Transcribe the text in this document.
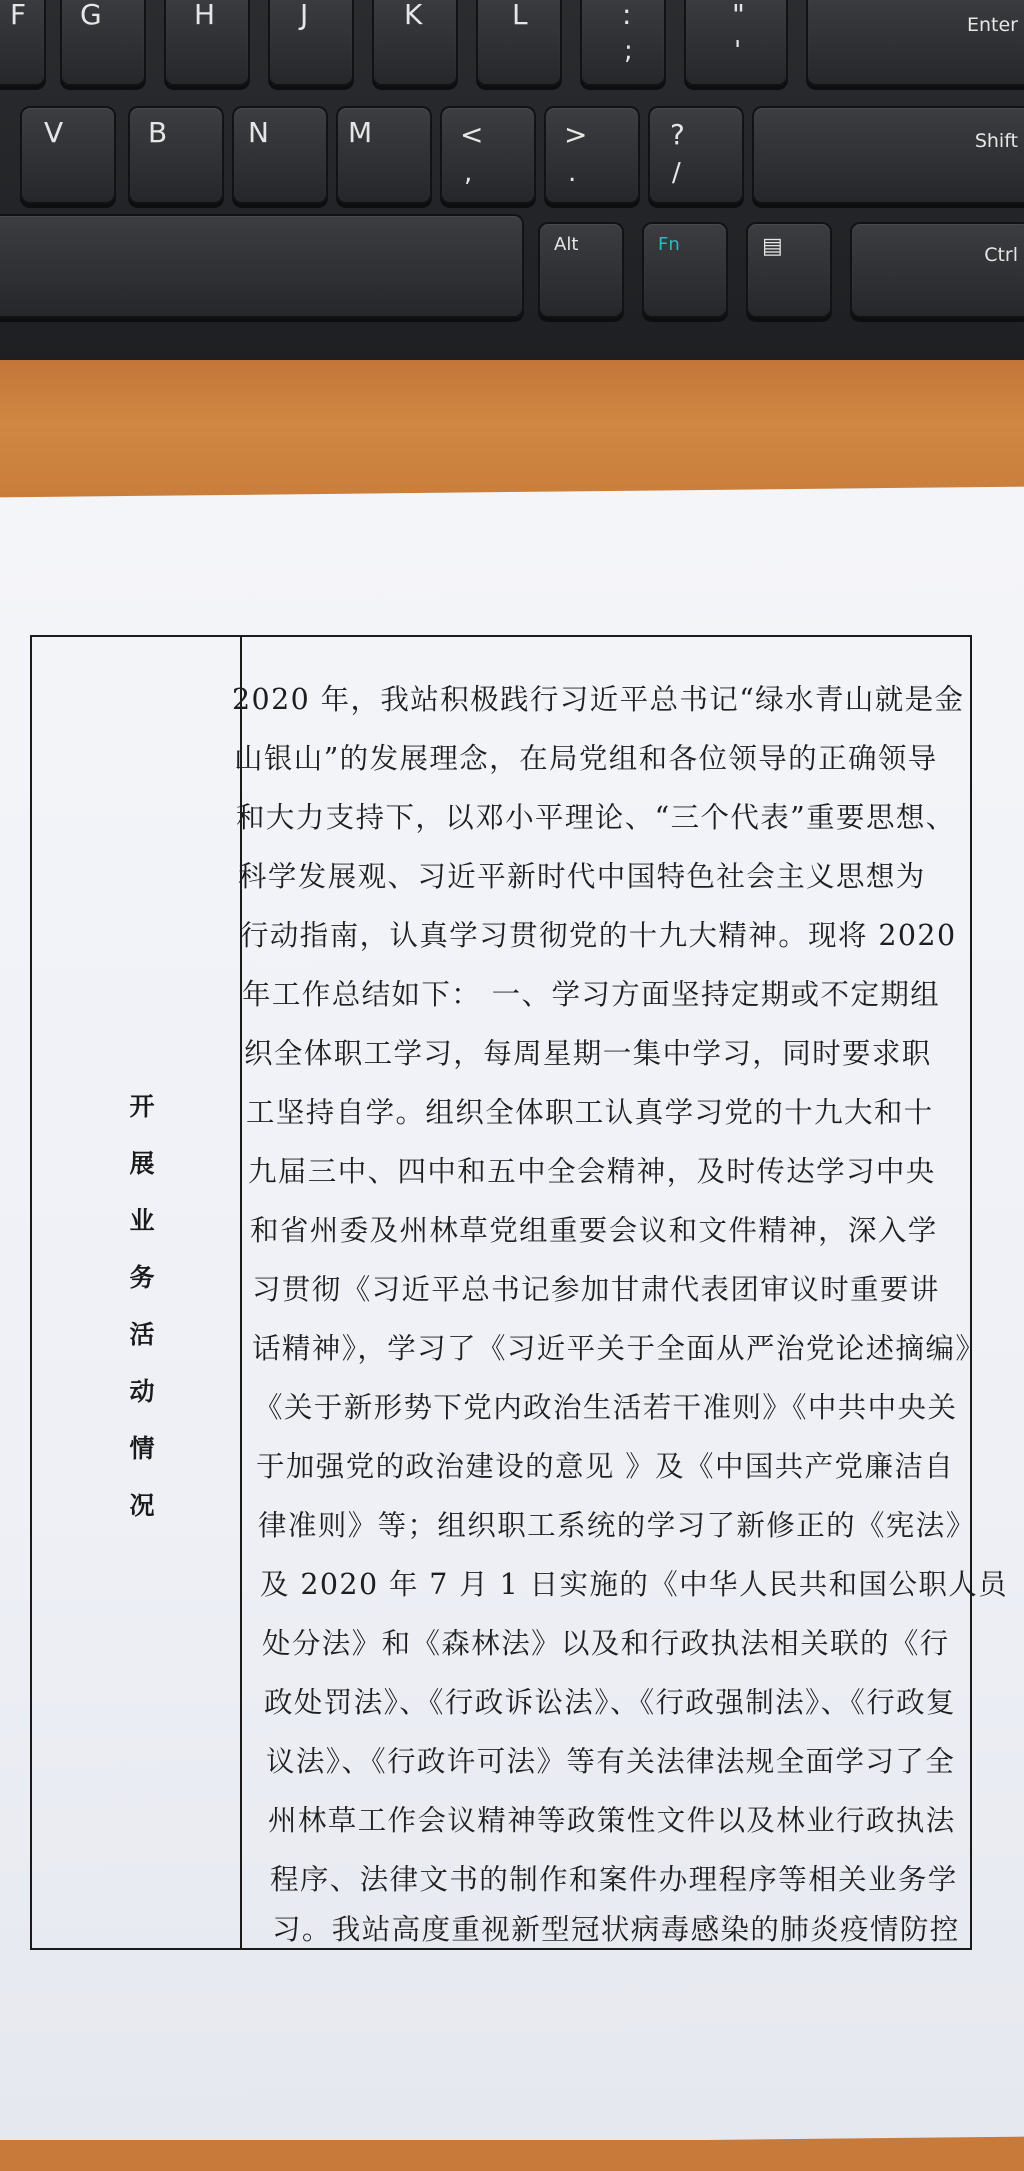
F G	H	J	K	L	:
;
"
'
Enter
V	B	N	M	<
,
>
.
?
/
Shift
Alt	Fn	▤	Ctrl
开
展
业
务
活
动
情
况
2020 年，我站积极践行习近平总书记“绿水青山就是金
山银山”的发展理念，在局党组和各位领导的正确领导
和大力支持下，以邓小平理论、“三个代表”重要思想、
科学发展观、习近平新时代中国特色社会主义思想为
行动指南，认真学习贯彻党的十九大精神。现将 2020
年工作总结如下： 一、学习方面坚持定期或不定期组
织全体职工学习，每周星期一集中学习，同时要求职
工坚持自学。组织全体职工认真学习党的十九大和十
九届三中、四中和五中全会精神，及时传达学习中央
和省州委及州林草党组重要会议和文件精神，深入学
习贯彻《习近平总书记参加甘肃代表团审议时重要讲
话精神》，学习了《习近平关于全面从严治党论述摘编》
《关于新形势下党内政治生活若干准则》《中共中央关
于加强党的政治建设的意见 》及《中国共产党廉洁自
律准则》等；组织职工系统的学习了新修正的《宪法》
及 2020 年 7 月 1 日实施的《中华人民共和国公职人员
处分法》和《森林法》以及和行政执法相关联的《行
政处罚法》、《行政诉讼法》、《行政强制法》、《行政复
议法》、《行政许可法》等有关法律法规全面学习了全
州林草工作会议精神等政策性文件以及林业行政执法
程序、法律文书的制作和案件办理程序等相关业务学
习。我站高度重视新型冠状病毒感染的肺炎疫情防控
